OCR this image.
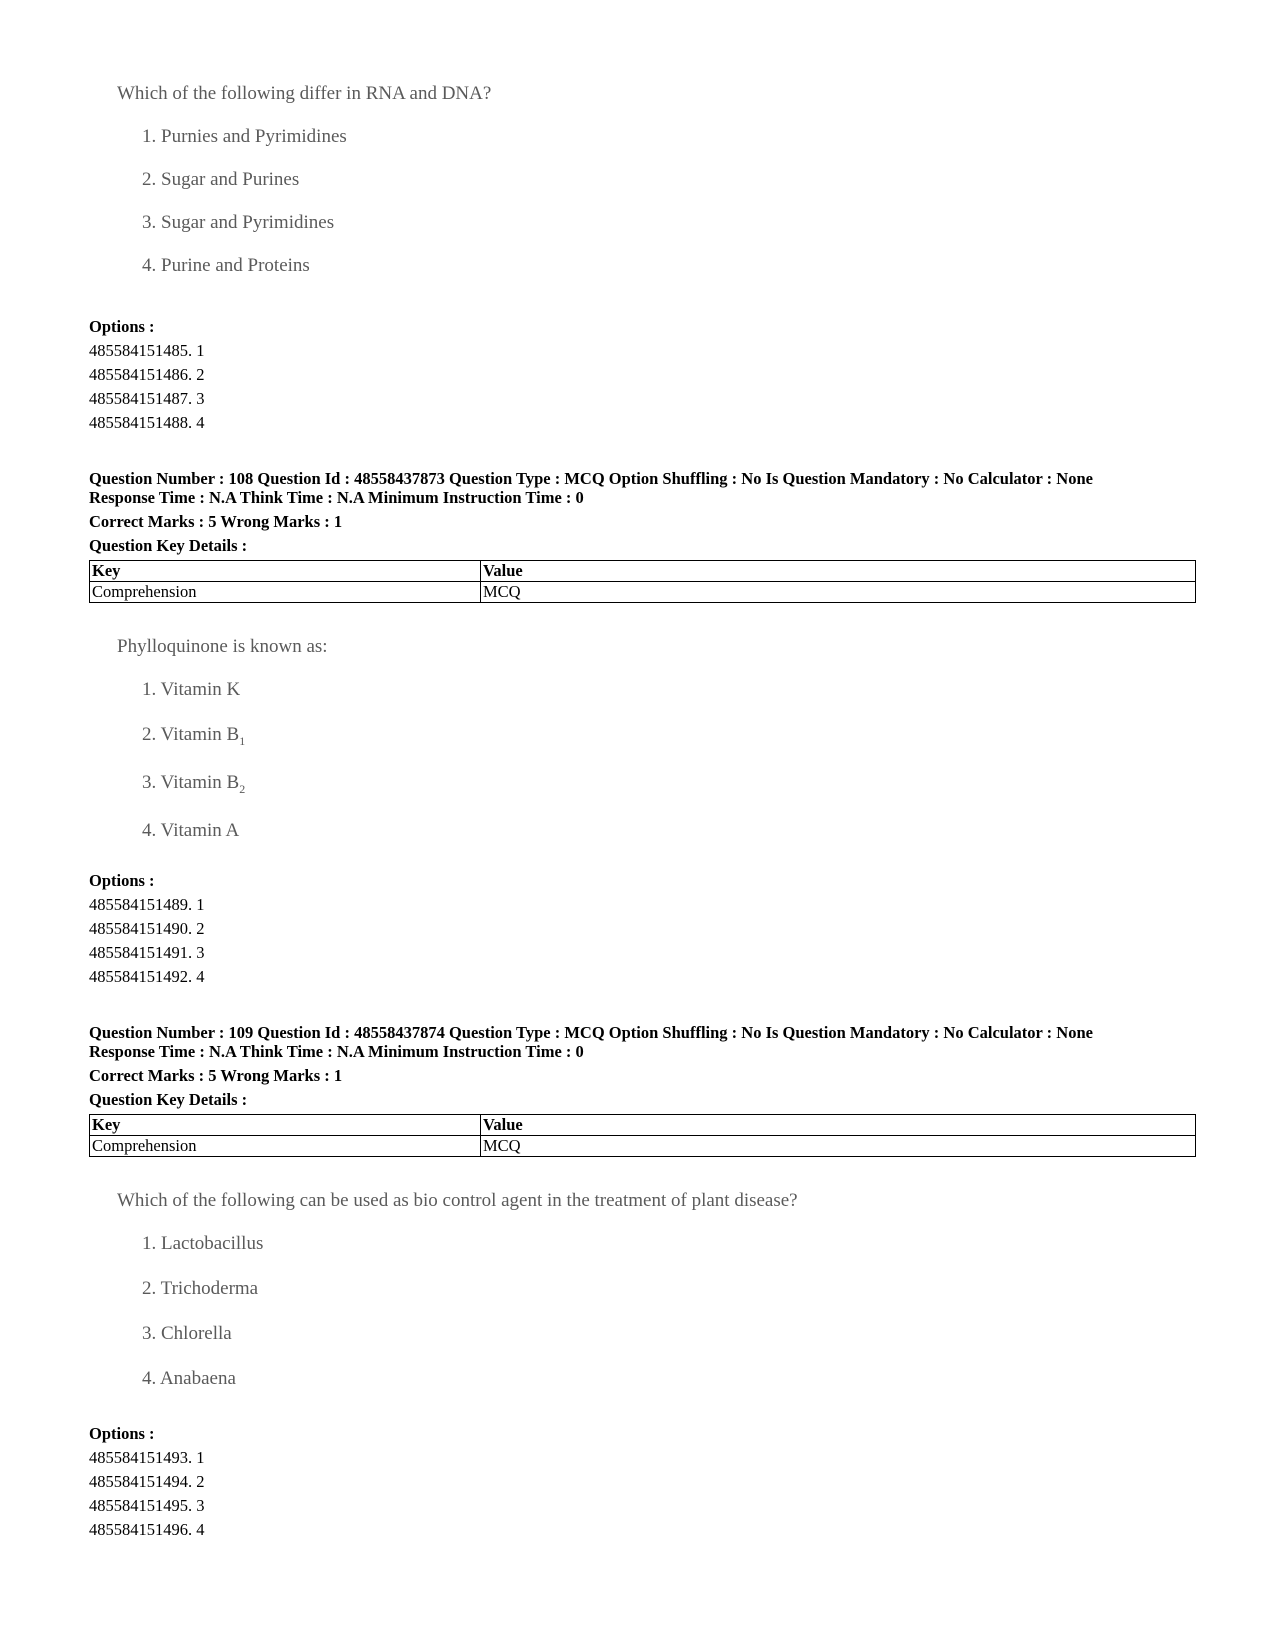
Which of the following differ in RNA and DNA?
1. Purnies and Pyrimidines
2. Sugar and Purines
3. Sugar and Pyrimidines
4. Purine and Proteins
Options :
485584151485. 1
485584151486. 2
485584151487. 3
485584151488. 4
Question Number : 108 Question Id : 48558437873 Question Type : MCQ Option Shuffling : No Is Question Mandatory : No Calculator : None
Response Time : N.A Think Time : N.A Minimum Instruction Time : 0
Correct Marks : 5 Wrong Marks : 1
Question Key Details :
Key	Value
Comprehension	MCQ
Phylloquinone is known as:
1. Vitamin K
2. Vitamin $B_1$
3. Vitamin $B_2$
4. Vitamin A
Options :
485584151489. 1
485584151490. 2
485584151491. 3
485584151492. 4
Question Number : 109 Question Id : 48558437874 Question Type : MCQ Option Shuffling : No Is Question Mandatory : No Calculator : None
Response Time : N.A Think Time : N.A Minimum Instruction Time : 0
Correct Marks : 5 Wrong Marks : 1
Question Key Details :
Key	Value
Comprehension	MCQ
Which of the following can be used as bio control agent in the treatment of plant disease?
1. Lactobacillus
2. Trichoderma
3. Chlorella
4. Anabaena
Options :
485584151493. 1
485584151494. 2
485584151495. 3
485584151496. 4
